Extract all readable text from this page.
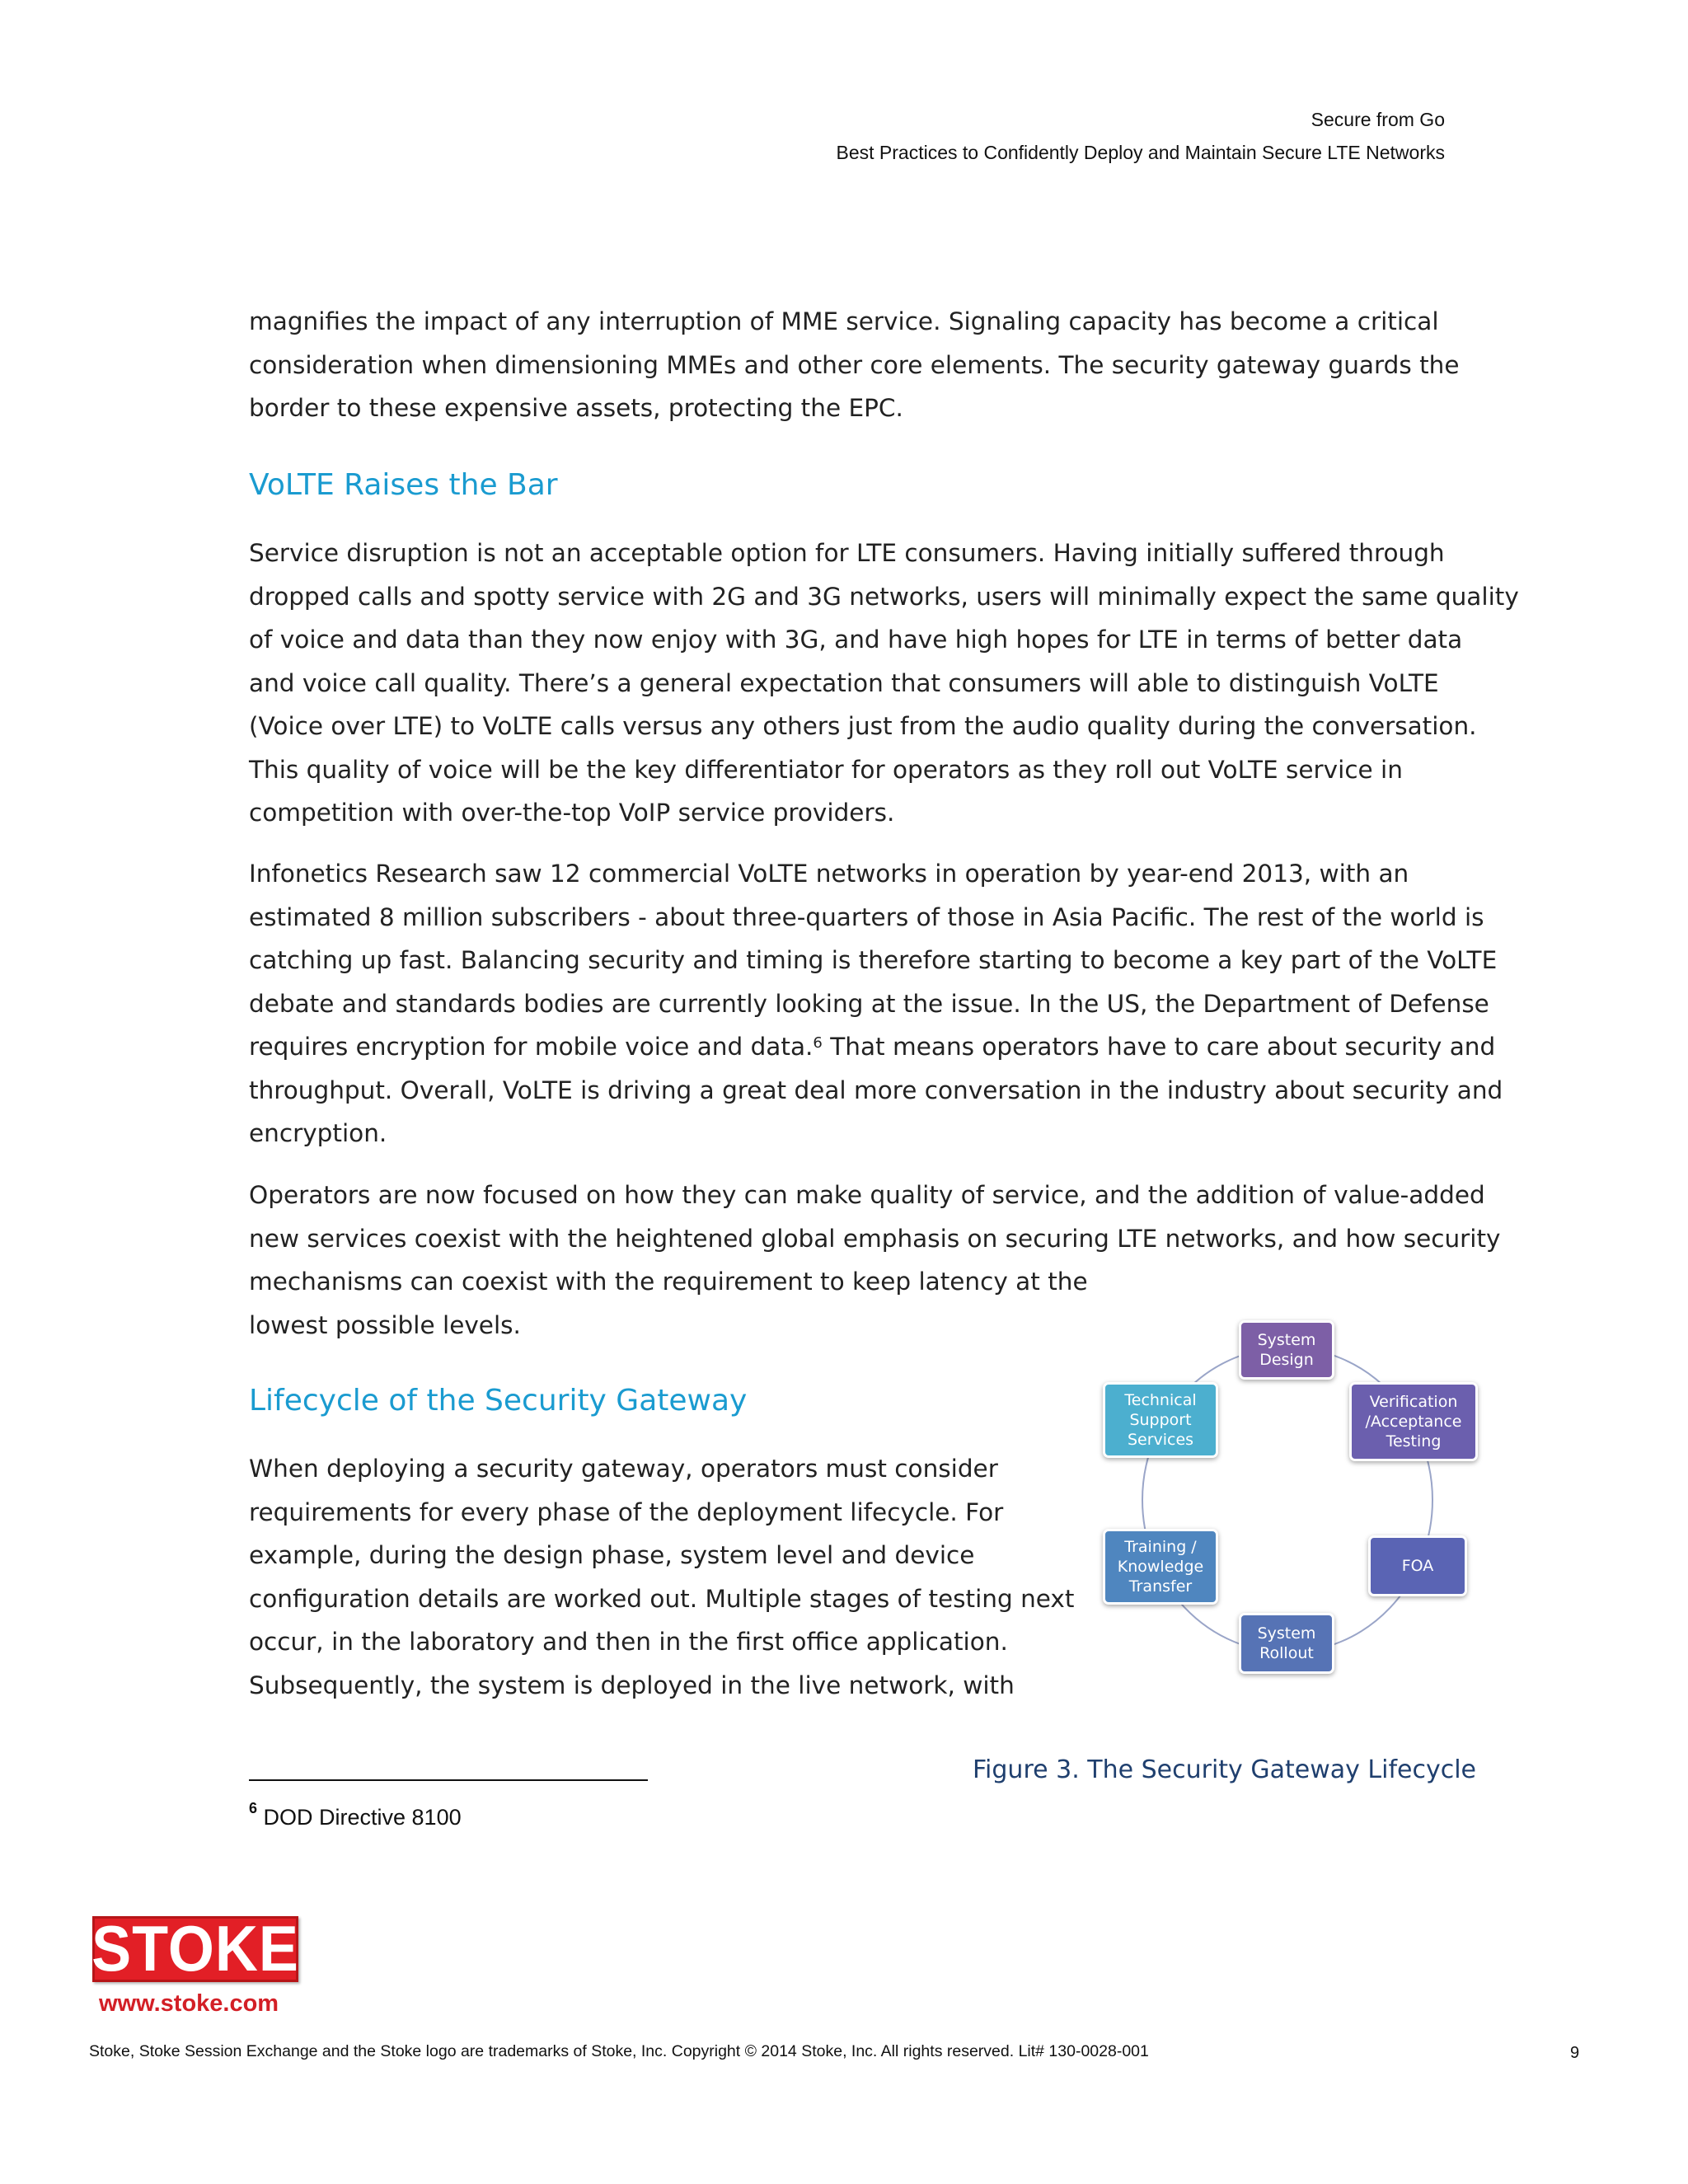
Secure from Go
Best Practices to Confidently Deploy and Maintain Secure LTE Networks

magnifies the impact of any interruption of MME service. Signaling capacity has become a critical
consideration when dimensioning MMEs and other core elements. The security gateway guards the
border to these expensive assets, protecting the EPC.

VoLTE Raises the Bar

Service disruption is not an acceptable option for LTE consumers. Having initially suffered through
dropped calls and spotty service with 2G and 3G networks, users will minimally expect the same quality
of voice and data than they now enjoy with 3G, and have high hopes for LTE in terms of better data
and voice call quality. There’s a general expectation that consumers will able to distinguish VoLTE
(Voice over LTE) to VoLTE calls versus any others just from the audio quality during the conversation.
This quality of voice will be the key differentiator for operators as they roll out VoLTE service in
competition with over-the-top VoIP service providers.

Infonetics Research saw 12 commercial VoLTE networks in operation by year-end 2013, with an
estimated 8 million subscribers - about three-quarters of those in Asia Pacific. The rest of the world is
catching up fast. Balancing security and timing is therefore starting to become a key part of the VoLTE
debate and standards bodies are currently looking at the issue. In the US, the Department of Defense
requires encryption for mobile voice and data.$^6$ That means operators have to care about security and
throughput. Overall, VoLTE is driving a great deal more conversation in the industry about security and
encryption.

Operators are now focused on how they can make quality of service, and the addition of value-added
new services coexist with the heightened global emphasis on securing LTE networks, and how security
mechanisms can coexist with the requirement to keep latency at the
lowest possible levels.

Lifecycle of the Security Gateway

When deploying a security gateway, operators must consider
requirements for every phase of the deployment lifecycle. For
example, during the design phase, system level and device
configuration details are worked out. Multiple stages of testing next
occur, in the laboratory and then in the first office application.
Subsequently, the system is deployed in the live network, with

System
Design
Verification
/Acceptance
Testing
FOA
System
Rollout
Training /
Knowledge
Transfer
Technical
Support
Services
Figure 3. The Security Gateway Lifecycle
$^6$ DOD Directive 8100
STOKE
www.stoke.com
Stoke, Stoke Session Exchange and the Stoke logo are trademarks of Stoke, Inc. Copyright © 2014 Stoke, Inc. All rights reserved. Lit# 130-0028-001	9
